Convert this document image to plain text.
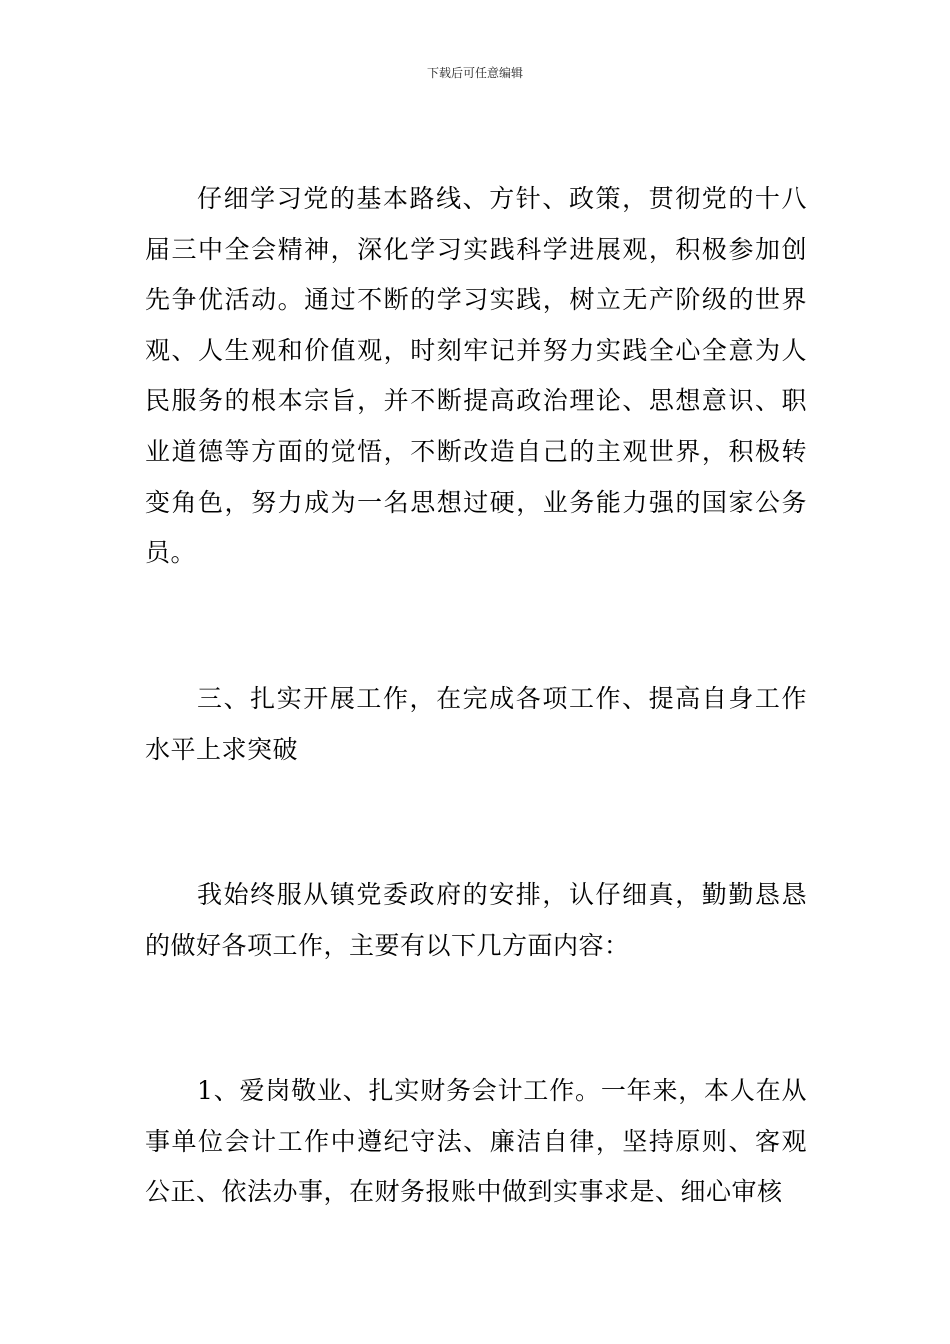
下载后可任意编辑

仔细学习党的基本路线、方针、政策，贯彻党的十八届三中全会精神，深化学习实践科学进展观，积极参加创先争优活动。通过不断的学习实践，树立无产阶级的世界观、人生观和价值观，时刻牢记并努力实践全心全意为人民服务的根本宗旨，并不断提高政治理论、思想意识、职业道德等方面的觉悟，不断改造自己的主观世界，积极转变角色，努力成为一名思想过硬，业务能力强的国家公务员。

三、扎实开展工作，在完成各项工作、提高自身工作水平上求突破

我始终服从镇党委政府的安排，认仔细真，勤勤恳恳的做好各项工作，主要有以下几方面内容：

1、爱岗敬业、扎实财务会计工作。一年来，本人在从事单位会计工作中遵纪守法、廉洁自律，坚持原则、客观公正、依法办事，在财务报账中做到实事求是、细心审核
